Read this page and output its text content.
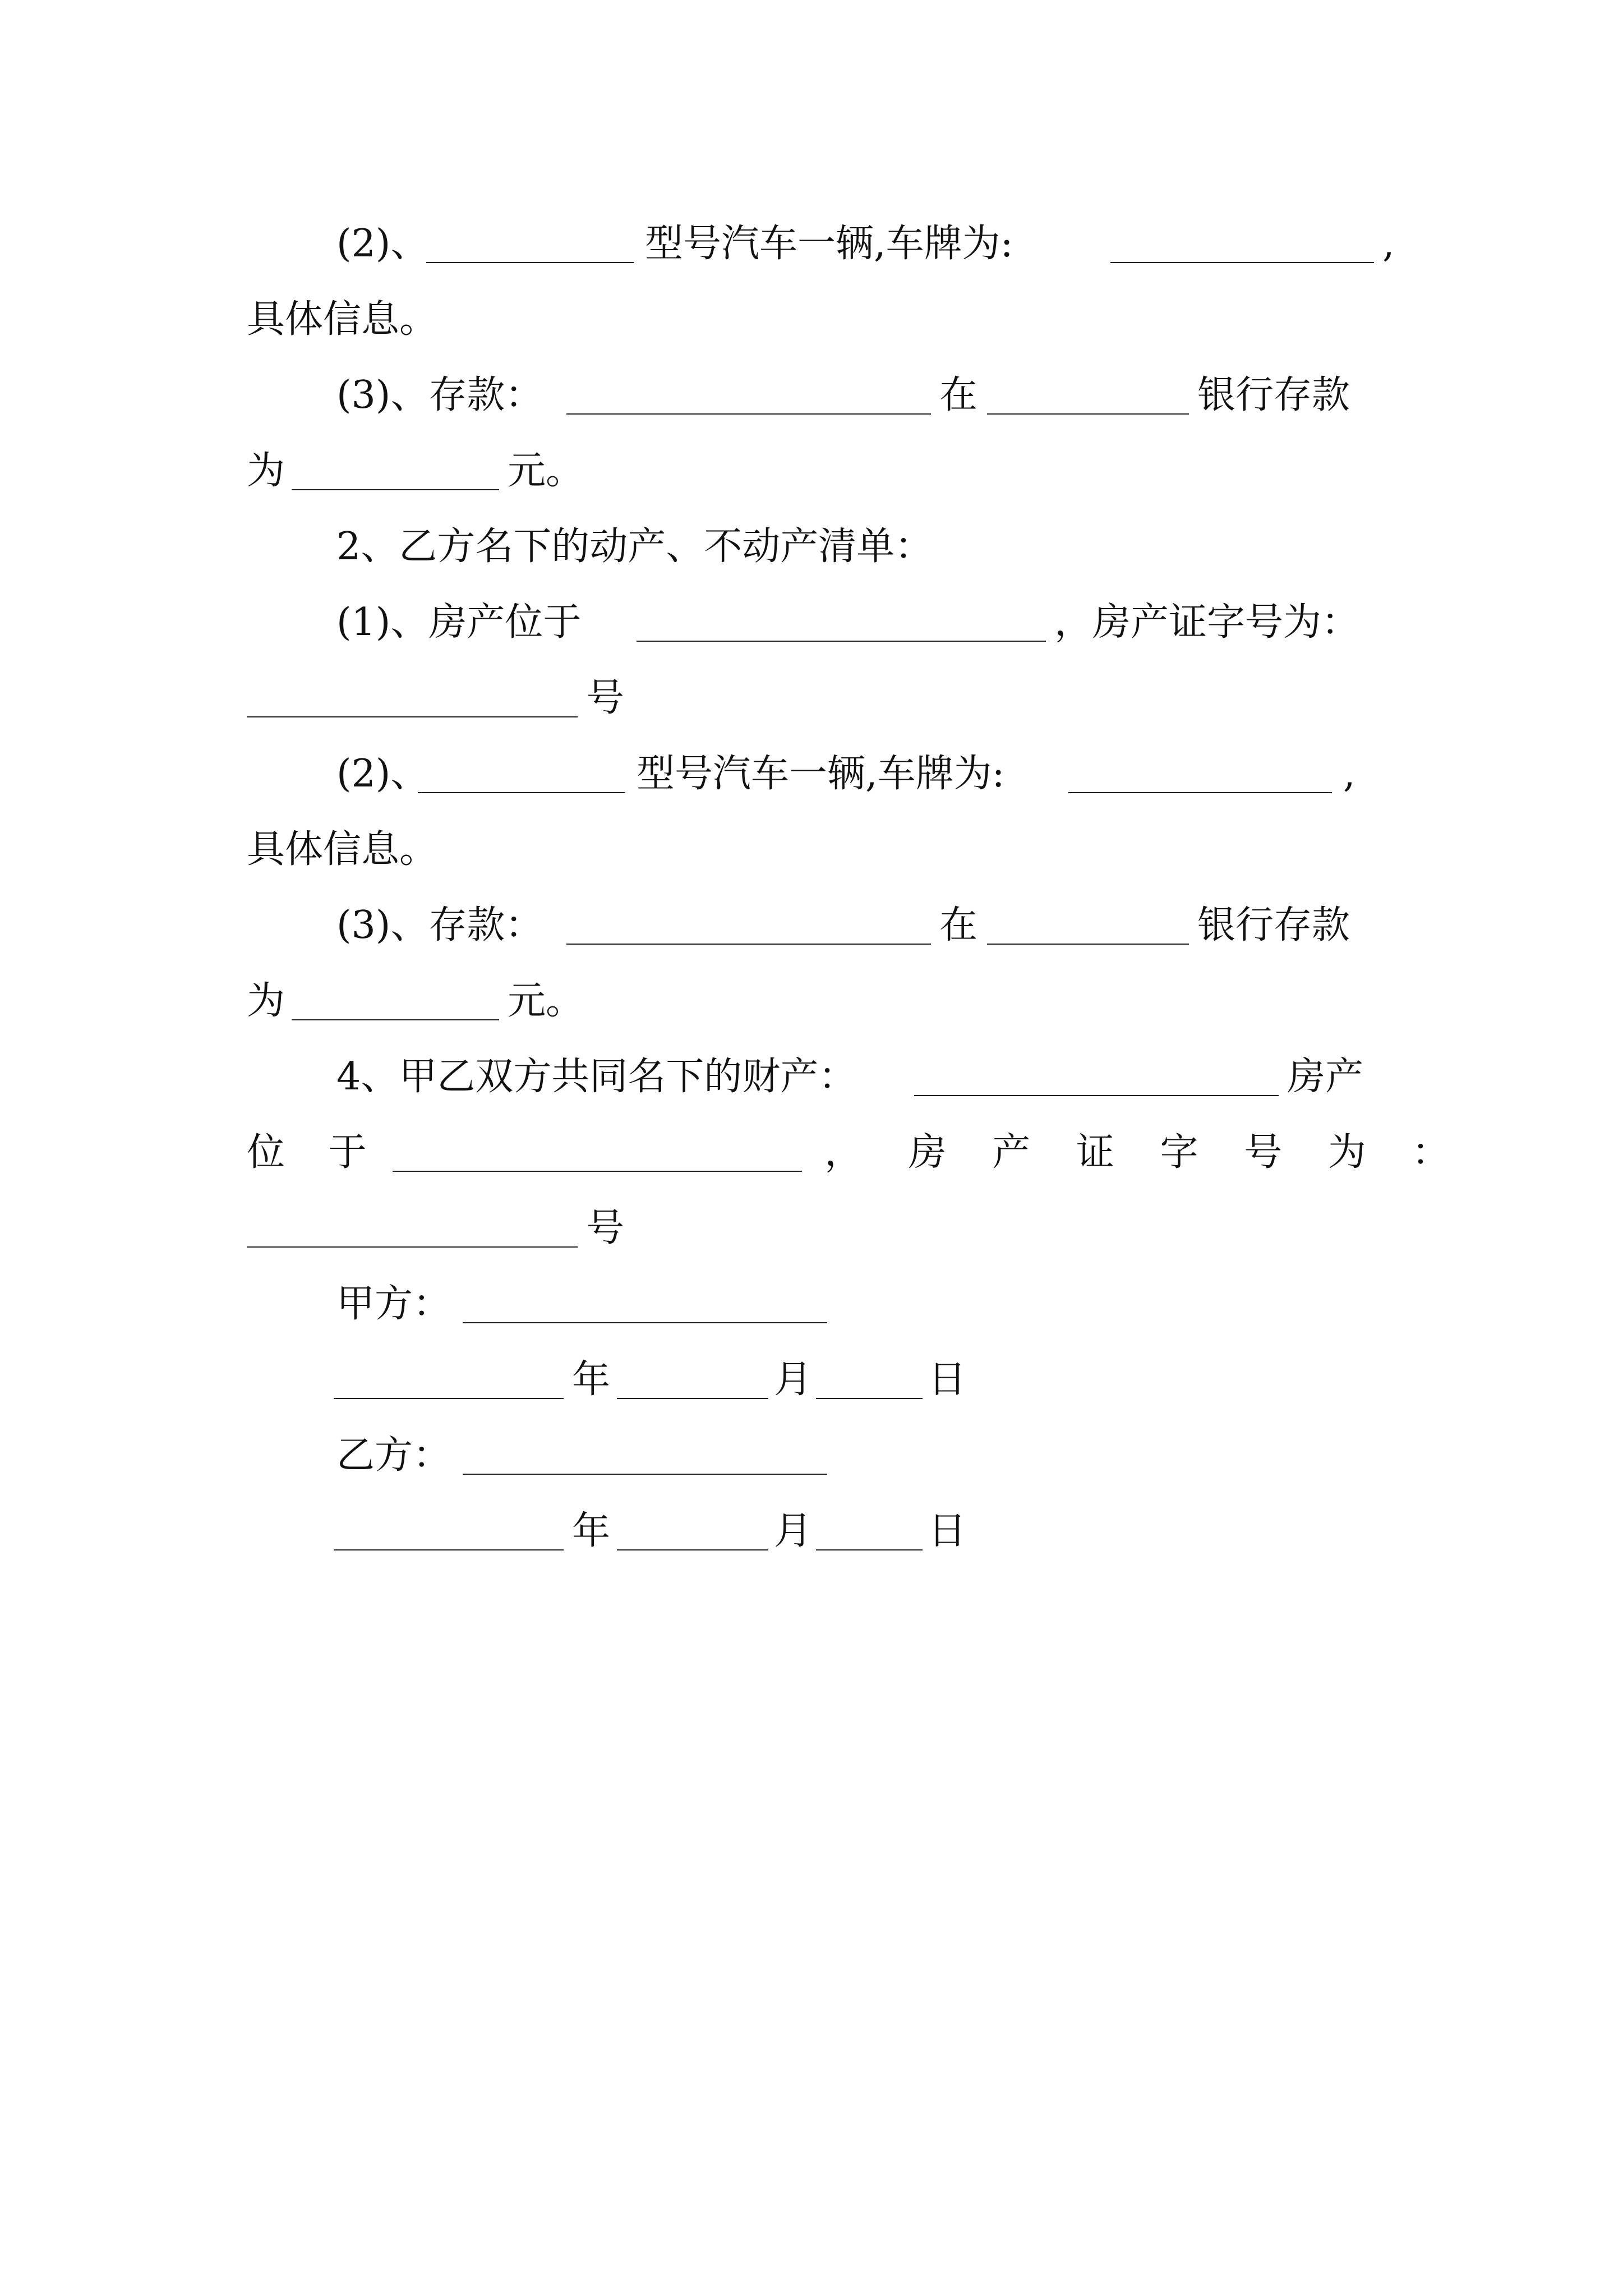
(2)、	型号汽车一辆,车牌为:	,
具体信息。
(3)、存款：	在	银行存款
为	元。
2、乙方名下的动产、不动产清单：
(1)、房产位于	，房产证字号为：
号
(2)、	型号汽车一辆,车牌为:	,
具体信息。
(3)、存款：	在	银行存款
为	元。
4、甲乙双方共同名下的财产：	房产
位 于	， 房 产 证 字 号 为 ：
号
甲方：
年	月	日
乙方：
年	月	日
